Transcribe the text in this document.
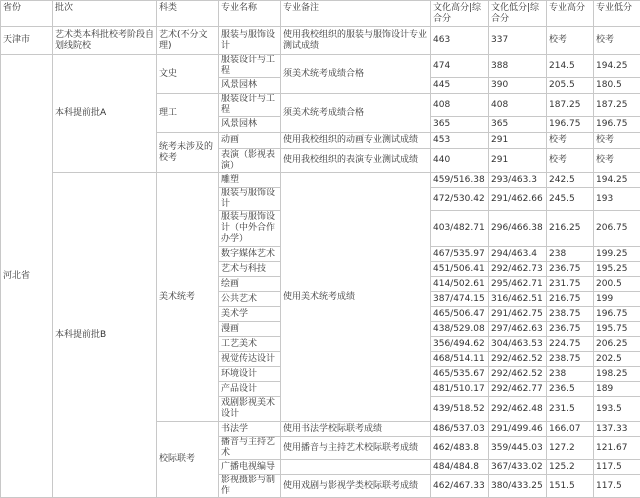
省份	批次	科类	专业名称	专业备注	文化高分|综合分	文化低分|综合分	专业高分	专业低分
天津市	艺术类本科批校考阶段自划线院校	艺术(不分文理)	服装与服饰设计	使用我校组织的服装与服饰设计专业测试成绩	463	337	校考	校考
河北省	本科提前批A	文史	服装设计与工程	须美术统考成绩合格	474	388	214.5	194.25
			风景园林		445	390	205.5	180.5
		理工	服装设计与工程	须美术统考成绩合格	408	408	187.25	187.25
			风景园林		365	365	196.75	196.75
		统考未涉及的校考	动画	使用我校组织的动画专业测试成绩	453	291	校考	校考
			表演（影视表演）	使用我校组织的表演专业测试成绩	440	291	校考	校考
	本科提前批B	美术统考	雕塑	使用美术统考成绩	459/516.38	293/463.3	242.5	194.25
			服装与服饰设计		472/530.42	291/462.66	245.5	193
			服装与服饰设计（中外合作办学）		403/482.71	296/466.38	216.25	206.75
			数字媒体艺术		467/535.97	294/463.4	238	199.25
			艺术与科技		451/506.41	292/462.73	236.75	195.25
			绘画		414/502.61	295/462.71	231.75	200.5
			公共艺术		387/474.15	316/462.51	216.75	199
			美术学		465/506.47	291/462.75	238.75	196.75
			漫画		438/529.08	297/462.63	236.75	195.75
			工艺美术		356/494.62	304/463.53	224.75	206.25
			视觉传达设计		468/514.11	292/462.52	238.75	202.5
			环境设计		465/535.67	292/462.52	238	198.25
			产品设计		481/510.17	292/462.77	236.5	189
			戏剧影视美术设计		439/518.52	292/462.48	231.5	193.5
		校际联考	书法学	使用书法学校际联考成绩	486/537.03	291/499.46	166.07	137.33
			播音与主持艺术	使用播音与主持艺术校际联考成绩	462/483.8	359/445.03	127.2	121.67
			广播电视编导		484/484.8	367/433.02	125.2	117.5
			影视摄影与制作	使用戏剧与影视学类校际联考成绩	462/467.33	380/433.25	151.5	117.5
